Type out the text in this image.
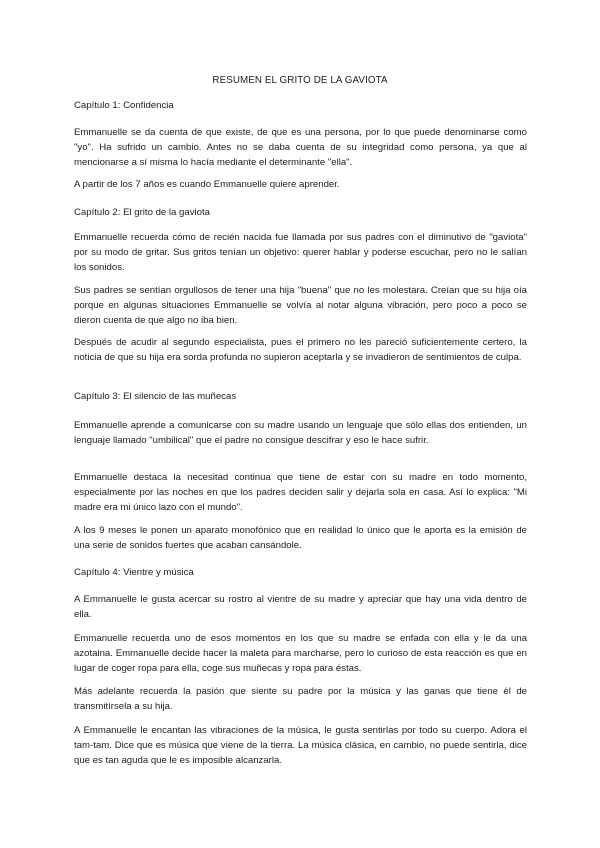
RESUMEN EL GRITO DE LA GAVIOTA
Capítulo 1: Confidencia
Emmanuelle se da cuenta de que existe, de que es una persona, por lo que puede denominarse como "yo". Ha sufrido un cambio. Antes no se daba cuenta de su integridad como persona, ya que al mencionarse a sí misma lo hacía mediante el determinante "ella".
A partir de los 7 años es cuando Emmanuelle quiere aprender.
Capítulo 2: El grito de la gaviota
Emmanuelle recuerda cómo de recién nacida fue llamada por sus padres con el diminutivo de "gaviota" por su modo de gritar. Sus gritos tenían un objetivo: querer hablar y poderse escuchar, pero no le salían los sonidos.
Sus padres se sentían orgullosos de tener una hija "buena" que no les molestara. Creían que su hija oía porque en algunas situaciones Emmanuelle se volvía al notar alguna vibración, pero poco a poco se dieron cuenta de que algo no iba bien.
Después de acudir al segundo especialista, pues el primero no les pareció suficientemente certero, la noticia de que su hija era sorda profunda no supieron aceptarla y se invadieron de sentimientos de culpa.
Capítulo 3: El silencio de las muñecas
Emmanuelle aprende a comunicarse con su madre usando un lenguaje que sólo ellas dos entienden, un lenguaje llamado "umbilical" que el padre no consigue descifrar y eso le hace sufrir.
Emmanuelle destaca la necesitad continua que tiene de estar con su madre en todo momento, especialmente por las noches en que los padres deciden salir y dejarla sola en casa. Así lo explica: "Mi madre era mi único lazo con el mundo".
A los 9 meses le ponen un aparato monofónico que en realidad lo único que le aporta es la emisión de una serie de sonidos fuertes que acaban cansándole.
Capítulo 4: Vientre y música
A Emmanuelle le gusta acercar su rostro al vientre de su madre y apreciar que hay una vida dentro de ella.
Emmanuelle recuerda uno de esos momentos en los que su madre se enfada con ella y le da una azotaina. Emmanuelle decide hacer la maleta para marcharse, pero lo curioso de esta reacción es que en lugar de coger ropa para ella, coge sus muñecas y ropa para éstas.
Más adelante recuerda la pasión que siente su padre por la música y las ganas que tiene él de transmitírsela a su hija.
A Emmanuelle le encantan las vibraciones de la música, le gusta sentirlas por todo su cuerpo. Adora el tam-tam. Dice que es música que viene de la tierra. La música clásica, en cambio, no puede sentirla, dice que es tan aguda que le es imposible alcanzarla.
